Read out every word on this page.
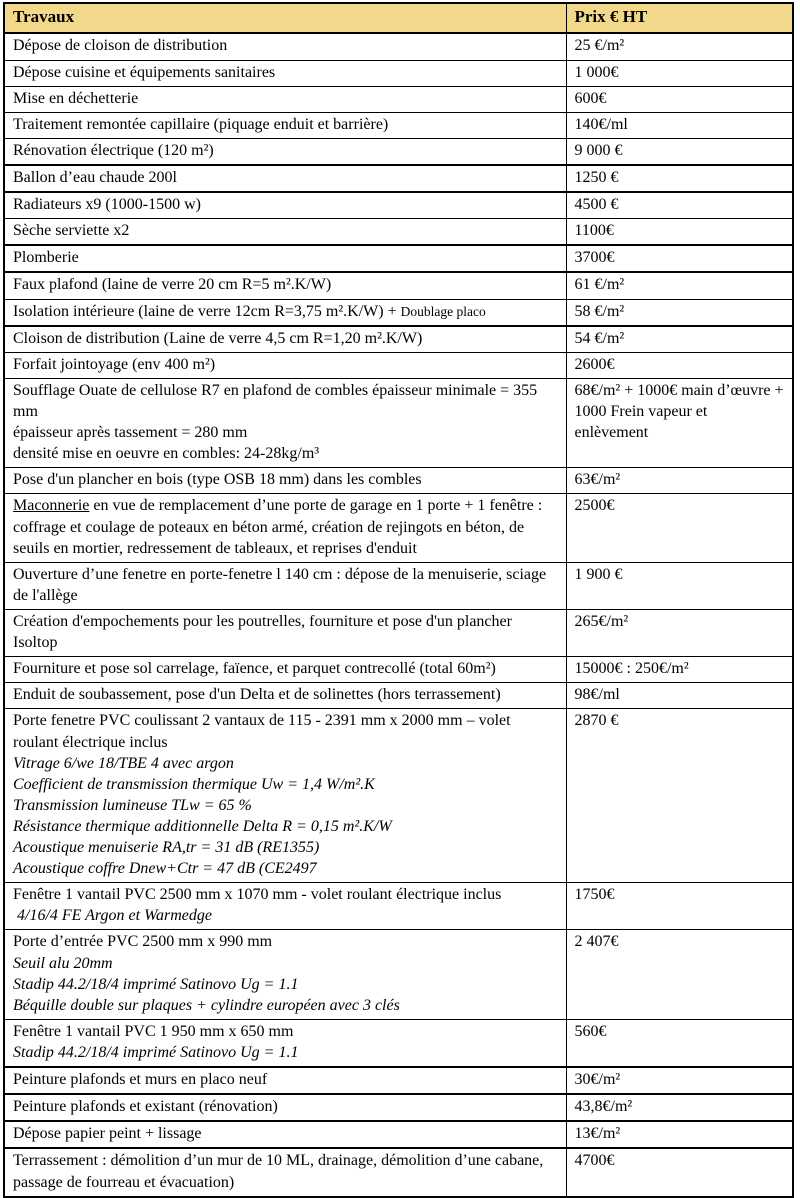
Travaux	Prix € HT

Dépose de cloison de distribution	25 €/m²

Dépose cuisine et équipements sanitaires	1 000€

Mise en déchetterie	600€

Traitement remontée capillaire (piquage enduit et barrière)	140€/ml

Rénovation électrique (120 m²)	9 000 €

Ballon d’eau chaude 200l	1250 €

Radiateurs x9 (1000-1500 w)	4500 €

Sèche serviette x2	1100€

Plomberie	3700€

Faux plafond (laine de verre 20 cm R=5 m².K/W)	61 €/m²

Isolation intérieure (laine de verre 12cm R=3,75 m².K/W) + Doublage placo	58 €/m²

Cloison de distribution (Laine de verre 4,5 cm R=1,20 m².K/W)	54 €/m²

Forfait jointoyage (env 400 m²)	2600€

Soufflage Ouate de cellulose R7 en plafond de combles épaisseur minimale = 355 mm
épaisseur après tassement = 280 mm
densité mise en oeuvre en combles: 24-28kg/m³	68€/m² + 1000€ main d’œuvre + 1000 Frein vapeur et enlèvement

Pose d'un plancher en bois (type OSB 18 mm) dans les combles	63€/m²

Maconnerie en vue de remplacement d’une porte de garage en 1 porte + 1 fenêtre : coffrage et coulage de poteaux en béton armé, création de rejingots en béton, de seuils en mortier, redressement de tableaux, et reprises d'enduit	2500€

Ouverture d’une fenetre en porte-fenetre l 140 cm : dépose de la menuiserie, sciage de l'allège	1 900 €

Création d'empochements pour les poutrelles, fourniture et pose d'un plancher Isoltop	265€/m²

Fourniture et pose sol carrelage, faïence, et parquet contrecollé (total 60m²)	15000€ : 250€/m²

Enduit de soubassement, pose d'un Delta et de solinettes (hors terrassement)	98€/ml

Porte fenetre PVC coulissant 2 vantaux de 115 - 2391 mm x 2000 mm – volet roulant électrique inclus
Vitrage 6/we 18/TBE 4 avec argon
Coefficient de transmission thermique Uw = 1,4 W/m².K
Transmission lumineuse TLw = 65 %
Résistance thermique additionnelle Delta R = 0,15 m².K/W
Acoustique menuiserie RA,tr = 31 dB (RE1355)
Acoustique coffre Dnew+Ctr = 47 dB (CE2497
	2870 €

Fenêtre 1 vantail PVC 2500 mm x 1070 mm - volet roulant électrique inclus
4/16/4 FE Argon et Warmedge	1750€

Porte d’entrée PVC 2500 mm x 990 mm
Seuil alu 20mm
Stadip 44.2/18/4 imprimé Satinovo Ug = 1.1
Béquille double sur plaques + cylindre européen avec 3 clés	2 407€

Fenêtre 1 vantail PVC 1 950 mm x 650 mm
Stadip 44.2/18/4 imprimé Satinovo Ug = 1.1	560€

Peinture plafonds et murs en placo neuf	30€/m²

Peinture plafonds et existant (rénovation)	43,8€/m²

Dépose papier peint + lissage	13€/m²

Terrassement : démolition d’un mur de 10 ML, drainage, démolition d’une cabane, passage de fourreau et évacuation)	4700€
